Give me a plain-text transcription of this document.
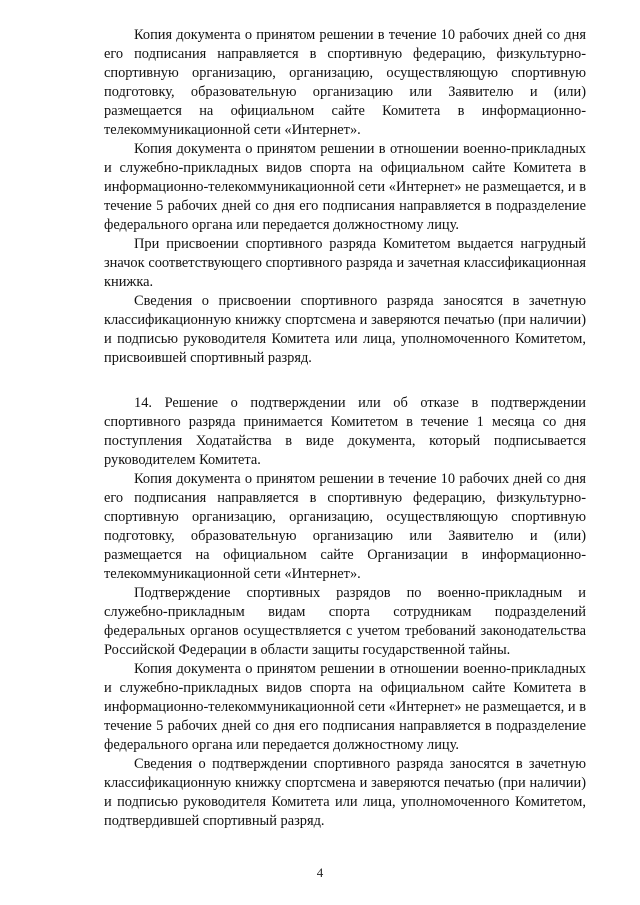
Копия документа о принятом решении в течение 10 рабочих дней со дня его подписания направляется в спортивную федерацию, физкультурно-спортивную организацию, организацию, осуществляющую спортивную подготовку, образовательную организацию или Заявителю и (или) размещается на официальном сайте Комитета в информационно-телекоммуникационной сети «Интернет».

Копия документа о принятом решении в отношении военно-прикладных и служебно-прикладных видов спорта на официальном сайте Комитета в информационно-телекоммуникационной сети «Интернет» не размещается, и в течение 5 рабочих дней со дня его подписания направляется в подразделение федерального органа или передается должностному лицу.

При присвоении спортивного разряда Комитетом выдается нагрудный значок соответствующего спортивного разряда и зачетная классификационная книжка.

Сведения о присвоении спортивного разряда заносятся в зачетную классификационную книжку спортсмена и заверяются печатью (при наличии) и подписью руководителя Комитета или лица, уполномоченного Комитетом, присвоившей спортивный разряд.

14. Решение о подтверждении или об отказе в подтверждении спортивного разряда принимается Комитетом в течение 1 месяца со дня поступления Ходатайства в виде документа, который подписывается руководителем Комитета.

Копия документа о принятом решении в течение 10 рабочих дней со дня его подписания направляется в спортивную федерацию, физкультурно-спортивную организацию, организацию, осуществляющую спортивную подготовку, образовательную организацию или Заявителю и (или) размещается на официальном сайте Организации в информационно-телекоммуникационной сети «Интернет».

Подтверждение спортивных разрядов по военно-прикладным и служебно-прикладным видам спорта сотрудникам подразделений федеральных органов осуществляется с учетом требований законодательства Российской Федерации в области защиты государственной тайны.

Копия документа о принятом решении в отношении военно-прикладных и служебно-прикладных видов спорта на официальном сайте Комитета в информационно-телекоммуникационной сети «Интернет» не размещается, и в течение 5 рабочих дней со дня его подписания направляется в подразделение федерального органа или передается должностному лицу.

Сведения о подтверждении спортивного разряда заносятся в зачетную классификационную книжку спортсмена и заверяются печатью (при наличии) и подписью руководителя Комитета или лица, уполномоченного Комитетом, подтвердившей спортивный разряд.

4
